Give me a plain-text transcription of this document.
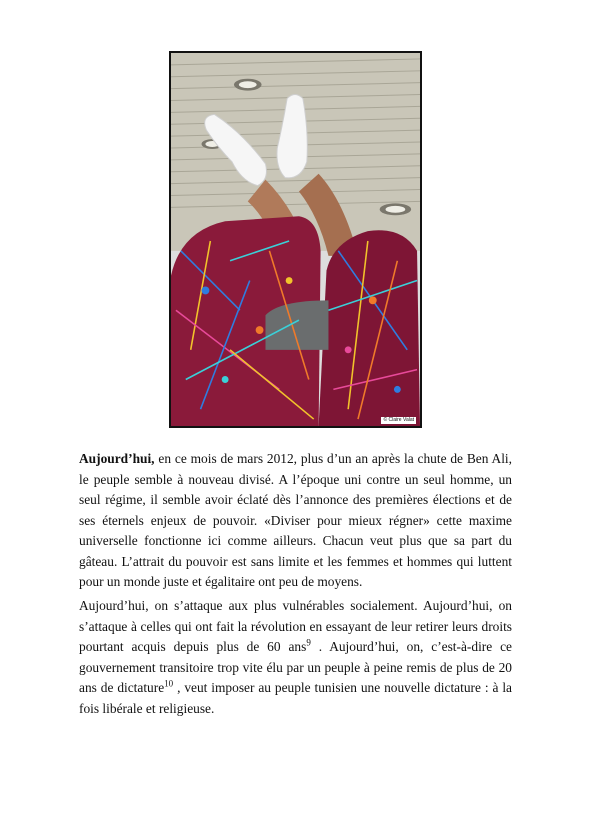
© Claire Valat

Aujourd’hui, en ce mois de mars 2012, plus d’un an après la chute de Ben Ali, le peuple semble à nouveau divisé. A l’époque uni contre un seul homme, un seul régime, il semble avoir éclaté dès l’annonce des premières élections et de ses éternels enjeux de pouvoir. «Diviser pour mieux régner» cette maxime universelle fonctionne ici comme ailleurs. Chacun veut plus que sa part du gâteau. L’attrait du pouvoir est sans limite et les femmes et hommes qui luttent pour un monde juste et égalitaire ont peu de moyens.

Aujourd’hui, on s’attaque aux plus vulnérables socialement. Aujourd’hui, on s’attaque à celles qui ont fait la révolution en essayant de leur retirer leurs droits pourtant acquis depuis plus de 60 ans$^9$ . Aujourd’hui, on, c’est-à-dire ce gouvernement transitoire trop vite élu par un peuple à peine remis de plus de 20 ans de dictature$^{10}$ , veut imposer au peuple tunisien une nouvelle dictature : à la fois libérale et religieuse.
